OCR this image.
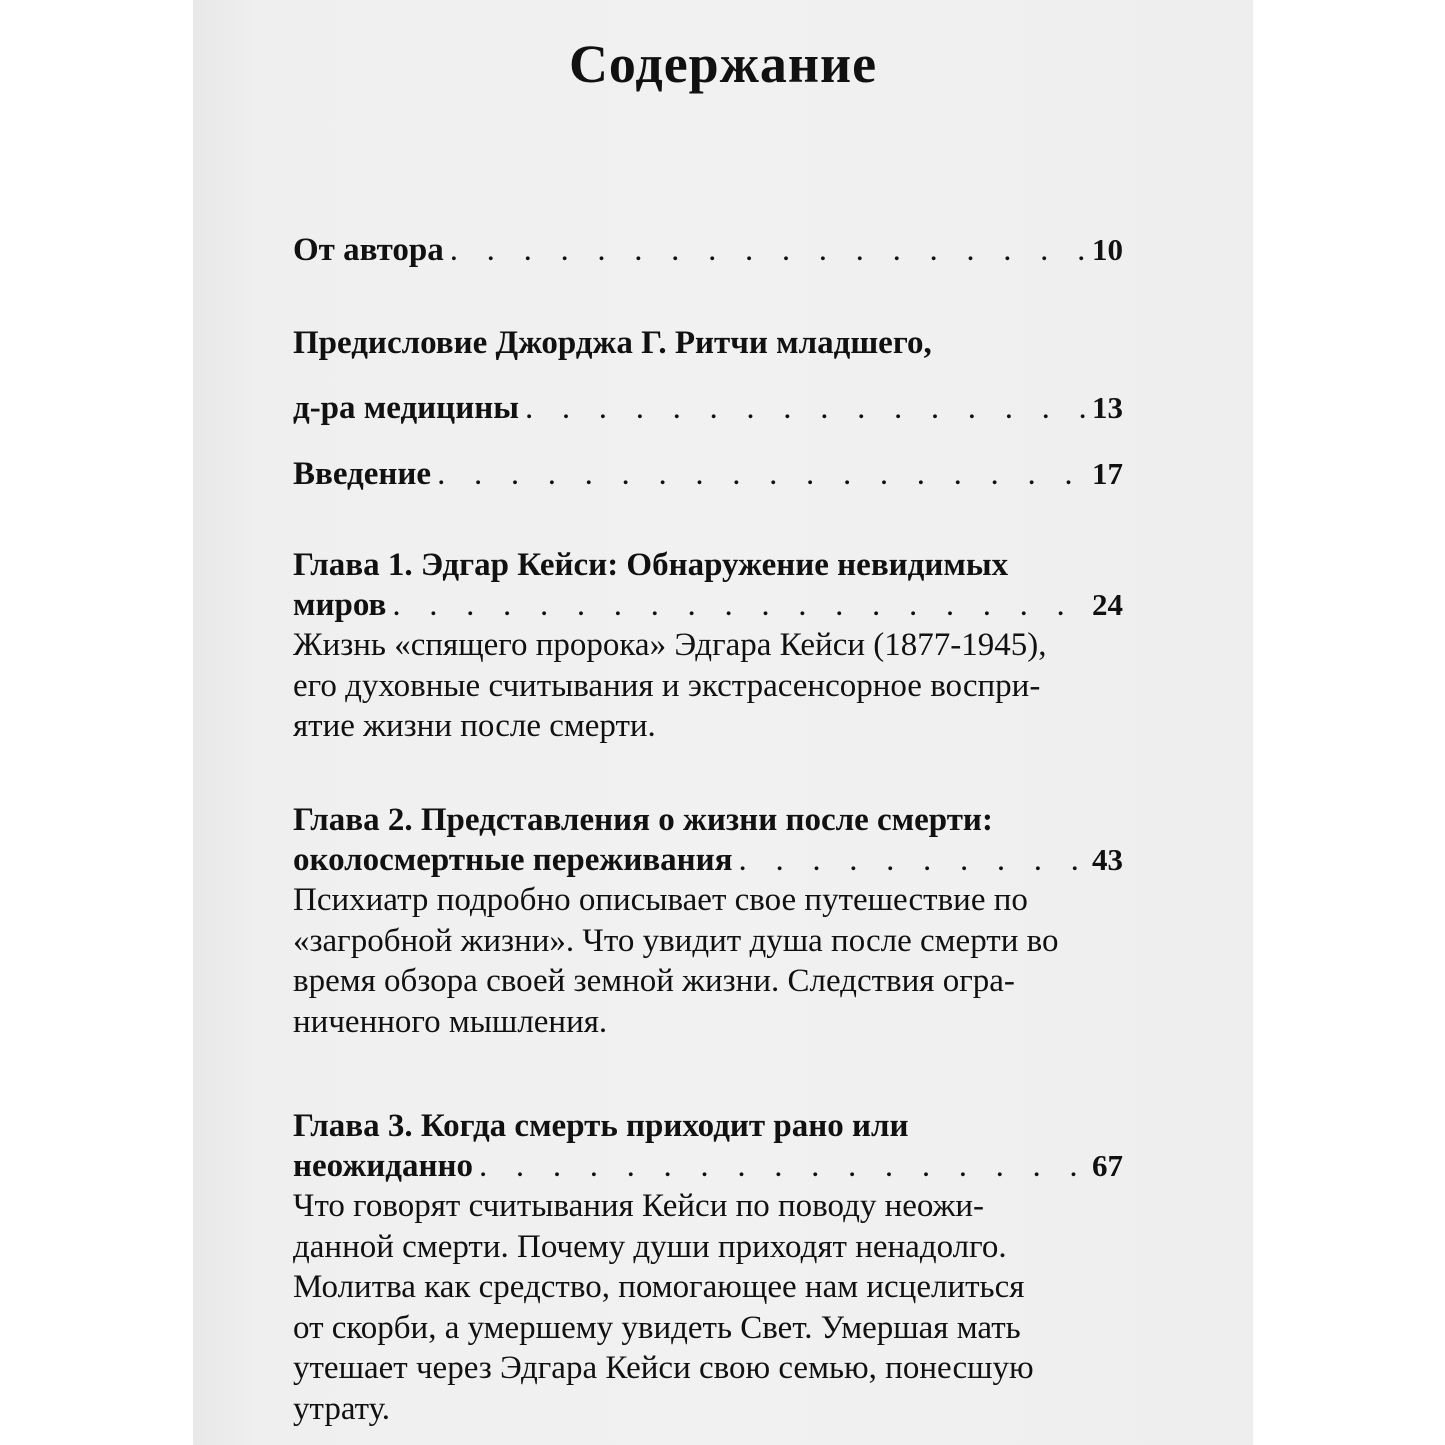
Содержание
От автора . . .	10
Предисловие Джорджа Г. Ритчи младшего,
д-ра медицины . . .	13
Введение . . .	17
Глава 1. Эдгар Кейси: Обнаружение невидимых
миров . . .	24
Жизнь «спящего пророка» Эдгара Кейси (1877-1945),
его духовные считывания и экстрасенсорное воспри-
ятие жизни после смерти.
Глава 2. Представления о жизни после смерти:
околосмертные переживания . . .	43
Психиатр подробно описывает свое путешествие по
«загробной жизни». Что увидит душа после смерти во
время обзора своей земной жизни. Следствия огра-
ниченного мышления.
Глава 3. Когда смерть приходит рано или
неожиданно . . .	67
Что говорят считывания Кейси по поводу неожи-
данной смерти. Почему души приходят ненадолго.
Молитва как средство, помогающее нам исцелиться
от скорби, а умершему увидеть Свет. Умершая мать
утешает через Эдгара Кейси свою семью, понесшую
утрату.
